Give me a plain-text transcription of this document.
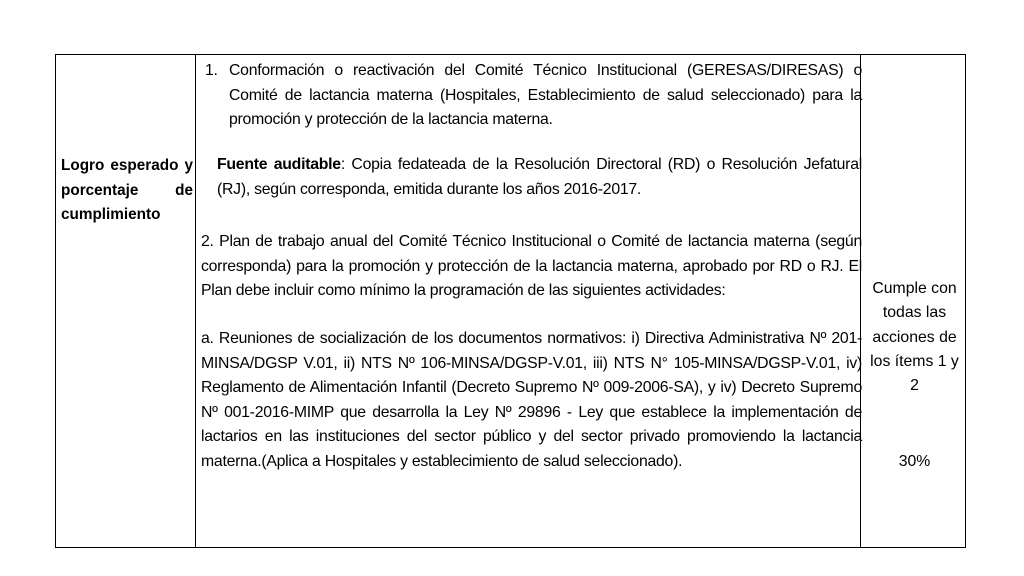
Logro esperado y
porcentaje de
cumplimiento
1. Conformación o reactivación del Comité Técnico Institucional (GERESAS/DIRESAS) o Comité de lactancia materna (Hospitales, Establecimiento de salud seleccionado) para la promoción y protección de la lactancia materna.
Fuente auditable: Copia fedateada de la Resolución Directoral (RD) o Resolución Jefatural (RJ), según corresponda, emitida durante los años 2016-2017.
2. Plan de trabajo anual del Comité Técnico Institucional o Comité de lactancia materna (según corresponda) para la promoción y protección de la lactancia materna, aprobado por RD o RJ. El Plan debe incluir como mínimo la programación de las siguientes actividades:
a. Reuniones de socialización de los documentos normativos: i) Directiva Administrativa Nº 201-MINSA/DGSP V.01, ii) NTS Nº 106-MINSA/DGSP-V.01, iii) NTS N° 105-MINSA/DGSP-V.01, iv) Reglamento de Alimentación Infantil (Decreto Supremo Nº 009-2006-SA), y iv) Decreto Supremo Nº 001-2016-MIMP que desarrolla la Ley Nº 29896 - Ley que establece la implementación de lactarios en las instituciones del sector público y del sector privado promoviendo la lactancia materna.(Aplica a Hospitales y establecimiento de salud seleccionado).
Cumple con
todas las
acciones de
los ítems 1 y
2
30%
